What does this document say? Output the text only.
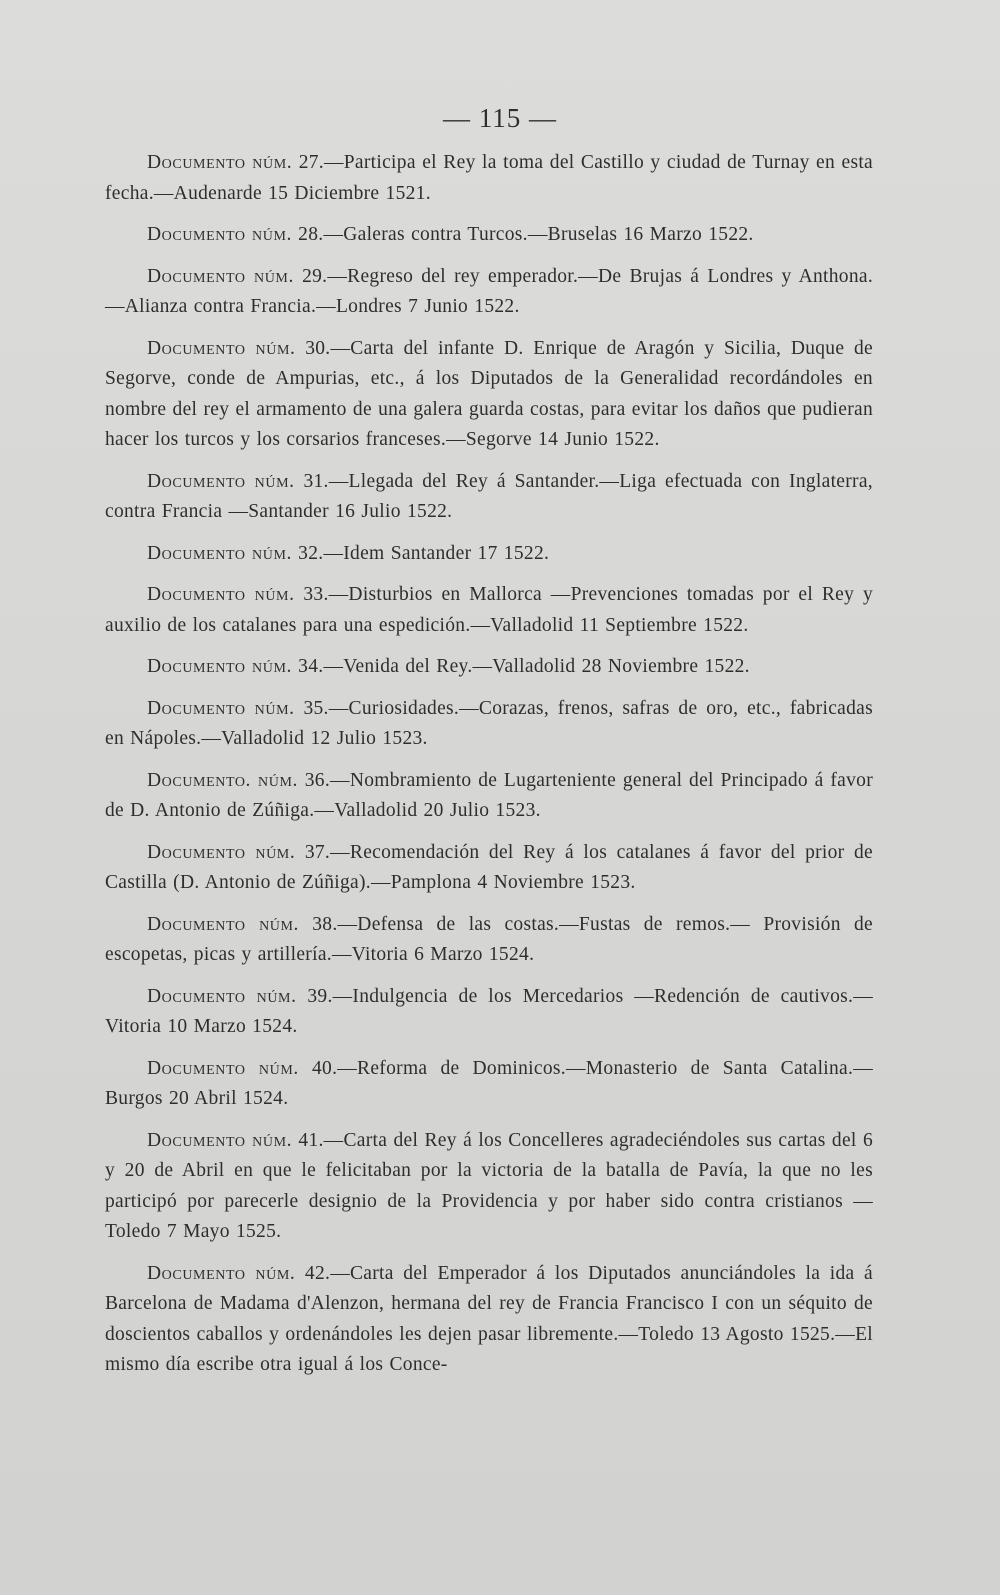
— 115 —

Documento núm. 27.—Participa el Rey la toma del Castillo y ciudad de Turnay en esta fecha.—Audenarde 15 Diciembre 1521.

Documento núm. 28.—Galeras contra Turcos.—Bruselas 16 Marzo 1522.

Documento núm. 29.—Regreso del rey emperador.—De Brujas á Londres y Anthona.—Alianza contra Francia.—Londres 7 Junio 1522.

Documento núm. 30.—Carta del infante D. Enrique de Aragón y Sicilia, Duque de Segorve, conde de Ampurias, etc., á los Diputados de la Generalidad recordándoles en nombre del rey el armamento de una galera guarda costas, para evitar los daños que pudieran hacer los turcos y los corsarios franceses.—Segorve 14 Junio 1522.

Documento núm. 31.—Llegada del Rey á Santander.—Liga efectuada con Inglaterra, contra Francia —Santander 16 Julio 1522.

Documento núm. 32.—Idem Santander 17 1522.

Documento núm. 33.—Disturbios en Mallorca —Prevenciones tomadas por el Rey y auxilio de los catalanes para una espedición.—Valladolid 11 Septiembre 1522.

Documento núm. 34.—Venida del Rey.—Valladolid 28 Noviembre 1522.

Documento núm. 35.—Curiosidades.—Corazas, frenos, safras de oro, etc., fabricadas en Nápoles.—Valladolid 12 Julio 1523.

Documento. núm. 36.—Nombramiento de Lugarteniente general del Principado á favor de D. Antonio de Zúñiga.—Valladolid 20 Julio 1523.

Documento núm. 37.—Recomendación del Rey á los catalanes á favor del prior de Castilla (D. Antonio de Zúñiga).—Pamplona 4 Noviembre 1523.

Documento núm. 38.—Defensa de las costas.—Fustas de remos.— Provisión de escopetas, picas y artillería.—Vitoria 6 Marzo 1524.

Documento núm. 39.—Indulgencia de los Mercedarios —Redención de cautivos.—Vitoria 10 Marzo 1524.

Documento núm. 40.—Reforma de Dominicos.—Monasterio de Santa Catalina.—Burgos 20 Abril 1524.

Documento núm. 41.—Carta del Rey á los Concelleres agradeciéndoles sus cartas del 6 y 20 de Abril en que le felicitaban por la victoria de la batalla de Pavía, la que no les participó por parecerle designio de la Providencia y por haber sido contra cristianos —Toledo 7 Mayo 1525.

Documento núm. 42.—Carta del Emperador á los Diputados anunciándoles la ida á Barcelona de Madama d'Alenzon, hermana del rey de Francia Francisco I con un séquito de doscientos caballos y ordenándoles les dejen pasar libremente.—Toledo 13 Agosto 1525.—El mismo día escribe otra igual á los Conce-
